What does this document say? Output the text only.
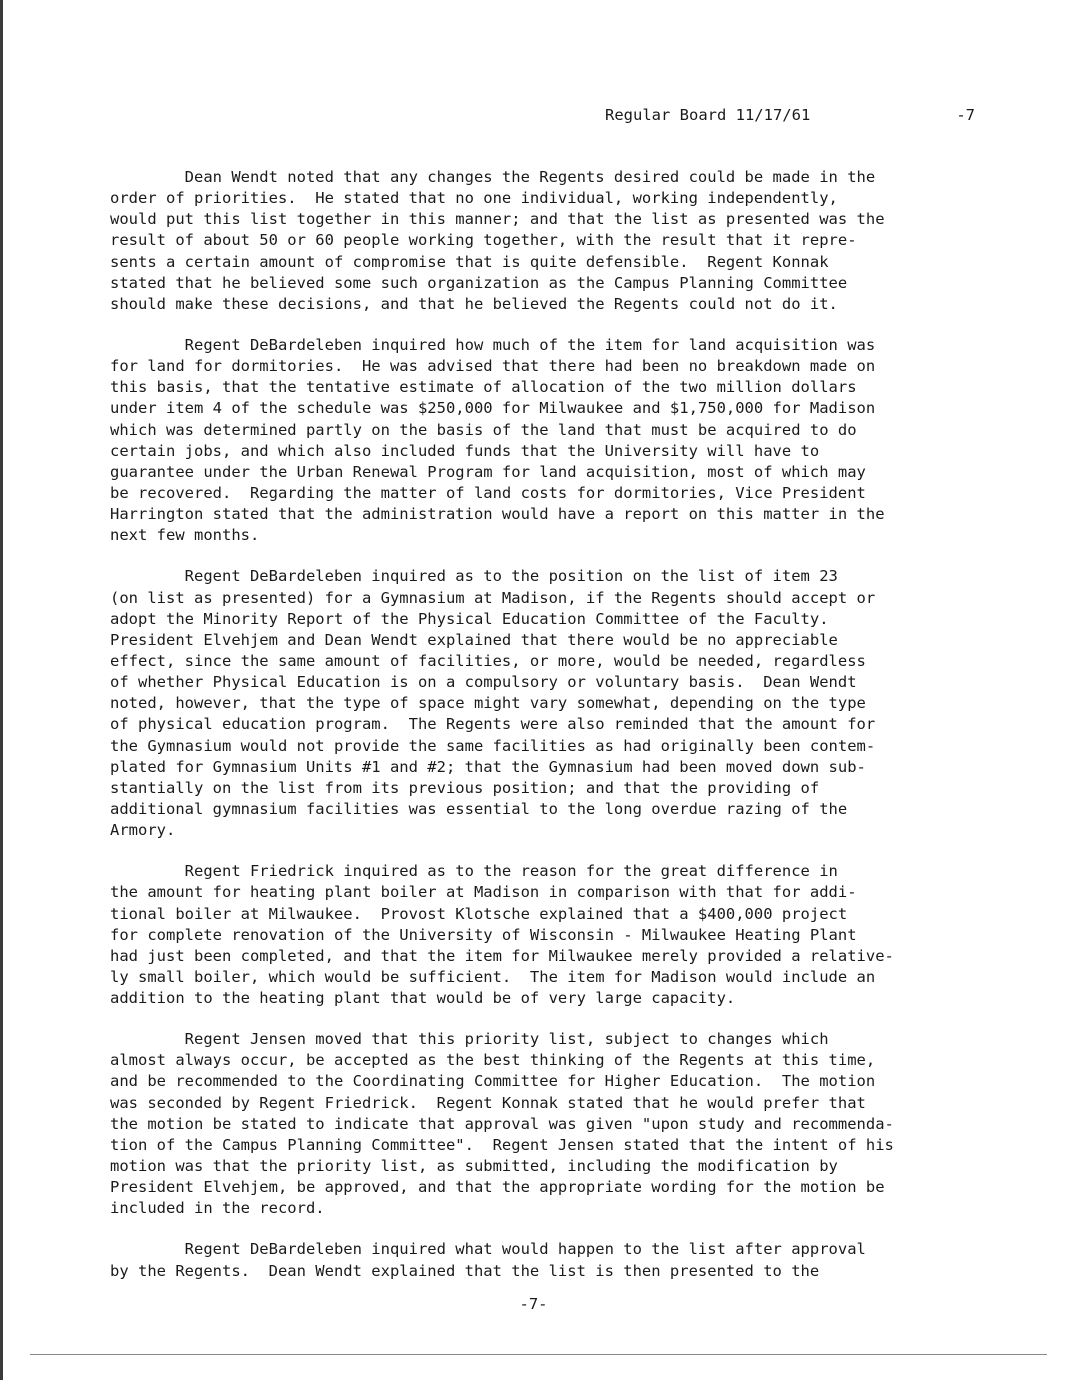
Regular Board 11/17/61	-7
Dean Wendt noted that any changes the Regents desired could be made in the
order of priorities.  He stated that no one individual, working independently,
would put this list together in this manner; and that the list as presented was the
result of about 50 or 60 people working together, with the result that it repre-
sents a certain amount of compromise that is quite defensible.  Regent Konnak
stated that he believed some such organization as the Campus Planning Committee
should make these decisions, and that he believed the Regents could not do it.
Regent DeBardeleben inquired how much of the item for land acquisition was
for land for dormitories.  He was advised that there had been no breakdown made on
this basis, that the tentative estimate of allocation of the two million dollars
under item 4 of the schedule was $250,000 for Milwaukee and $1,750,000 for Madison
which was determined partly on the basis of the land that must be acquired to do
certain jobs, and which also included funds that the University will have to
guarantee under the Urban Renewal Program for land acquisition, most of which may
be recovered.  Regarding the matter of land costs for dormitories, Vice President
Harrington stated that the administration would have a report on this matter in the
next few months.
Regent DeBardeleben inquired as to the position on the list of item 23
(on list as presented) for a Gymnasium at Madison, if the Regents should accept or
adopt the Minority Report of the Physical Education Committee of the Faculty.
President Elvehjem and Dean Wendt explained that there would be no appreciable
effect, since the same amount of facilities, or more, would be needed, regardless
of whether Physical Education is on a compulsory or voluntary basis.  Dean Wendt
noted, however, that the type of space might vary somewhat, depending on the type
of physical education program.  The Regents were also reminded that the amount for
the Gymnasium would not provide the same facilities as had originally been contem-
plated for Gymnasium Units #1 and #2; that the Gymnasium had been moved down sub-
stantially on the list from its previous position; and that the providing of
additional gymnasium facilities was essential to the long overdue razing of the
Armory.
Regent Friedrick inquired as to the reason for the great difference in
the amount for heating plant boiler at Madison in comparison with that for addi-
tional boiler at Milwaukee.  Provost Klotsche explained that a $400,000 project
for complete renovation of the University of Wisconsin - Milwaukee Heating Plant
had just been completed, and that the item for Milwaukee merely provided a relative-
ly small boiler, which would be sufficient.  The item for Madison would include an
addition to the heating plant that would be of very large capacity.
Regent Jensen moved that this priority list, subject to changes which
almost always occur, be accepted as the best thinking of the Regents at this time,
and be recommended to the Coordinating Committee for Higher Education.  The motion
was seconded by Regent Friedrick.  Regent Konnak stated that he would prefer that
the motion be stated to indicate that approval was given "upon study and recommenda-
tion of the Campus Planning Committee".  Regent Jensen stated that the intent of his
motion was that the priority list, as submitted, including the modification by
President Elvehjem, be approved, and that the appropriate wording for the motion be
included in the record.
Regent DeBardeleben inquired what would happen to the list after approval
by the Regents.  Dean Wendt explained that the list is then presented to the
-7-
